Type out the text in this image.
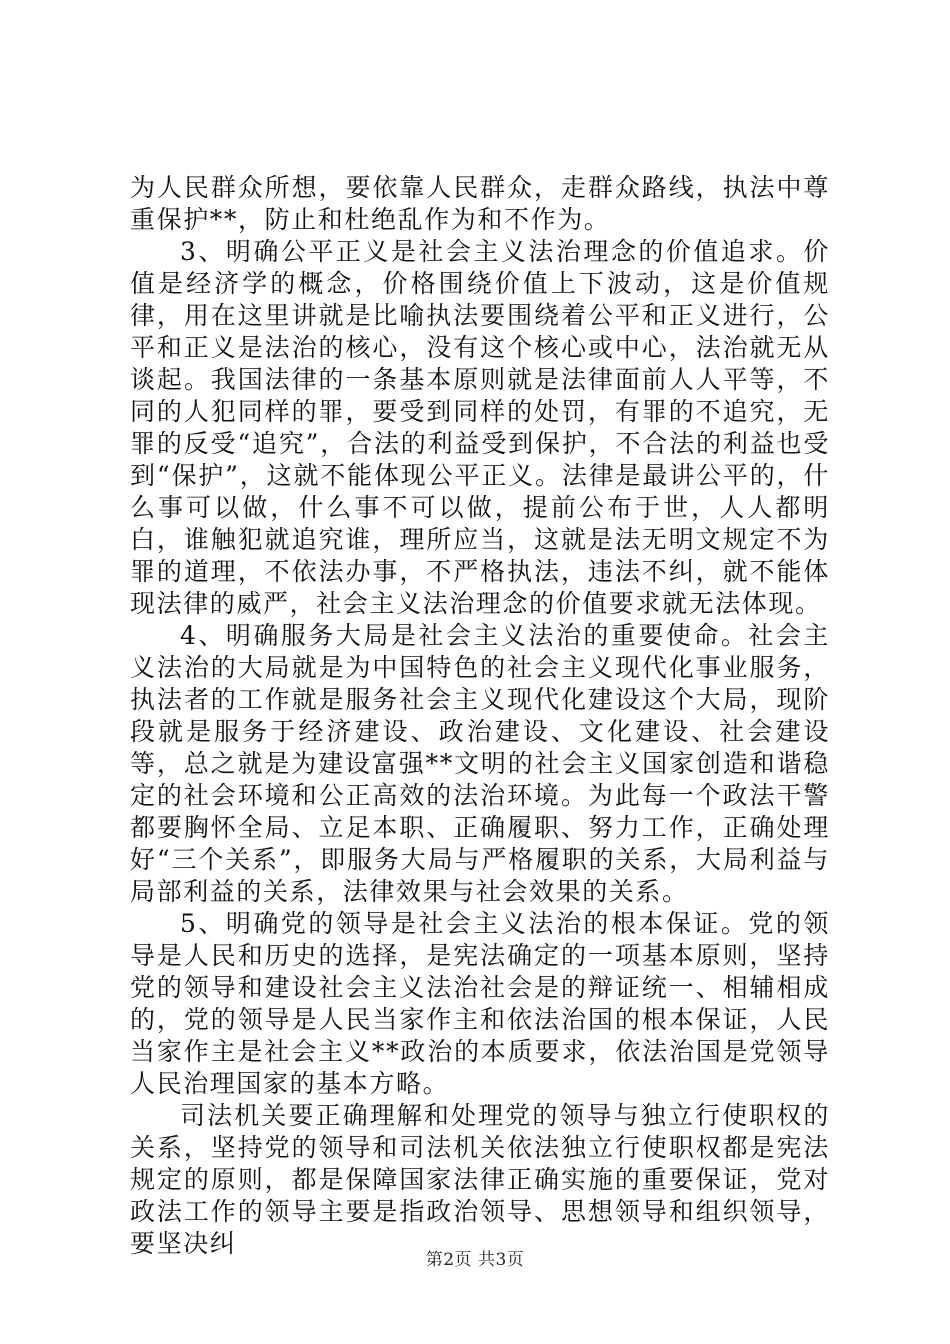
为人民群众所想，要依靠人民群众，走群众路线，执法中尊重保护**，防止和杜绝乱作为和不作为。

3、明确公平正义是社会主义法治理念的价值追求。价值是经济学的概念，价格围绕价值上下波动，这是价值规律，用在这里讲就是比喻执法要围绕着公平和正义进行，公平和正义是法治的核心，没有这个核心或中心，法治就无从谈起。我国法律的一条基本原则就是法律面前人人平等，不同的人犯同样的罪，要受到同样的处罚，有罪的不追究，无罪的反受“追究”，合法的利益受到保护，不合法的利益也受到“保护”，这就不能体现公平正义。法律是最讲公平的，什么事可以做，什么事不可以做，提前公布于世，人人都明白，谁触犯就追究谁，理所应当，这就是法无明文规定不为罪的道理，不依法办事，不严格执法，违法不纠，就不能体现法律的威严，社会主义法治理念的价值要求就无法体现。

4、明确服务大局是社会主义法治的重要使命。社会主义法治的大局就是为中国特色的社会主义现代化事业服务，执法者的工作就是服务社会主义现代化建设这个大局，现阶段就是服务于经济建设、政治建设、文化建设、社会建设等，总之就是为建设富强**文明的社会主义国家创造和谐稳定的社会环境和公正高效的法治环境。为此每一个政法干警都要胸怀全局、立足本职、正确履职、努力工作，正确处理好“三个关系”，即服务大局与严格履职的关系，大局利益与局部利益的关系，法律效果与社会效果的关系。

5、明确党的领导是社会主义法治的根本保证。党的领导是人民和历史的选择，是宪法确定的一项基本原则，坚持党的领导和建设社会主义法治社会是的辩证统一、相辅相成的，党的领导是人民当家作主和依法治国的根本保证，人民当家作主是社会主义**政治的本质要求，依法治国是党领导人民治理国家的基本方略。

司法机关要正确理解和处理党的领导与独立行使职权的关系，坚持党的领导和司法机关依法独立行使职权都是宪法规定的原则，都是保障国家法律正确实施的重要保证，党对政法工作的领导主要是指政治领导、思想领导和组织领导，要坚决纠

第2页 共3页
